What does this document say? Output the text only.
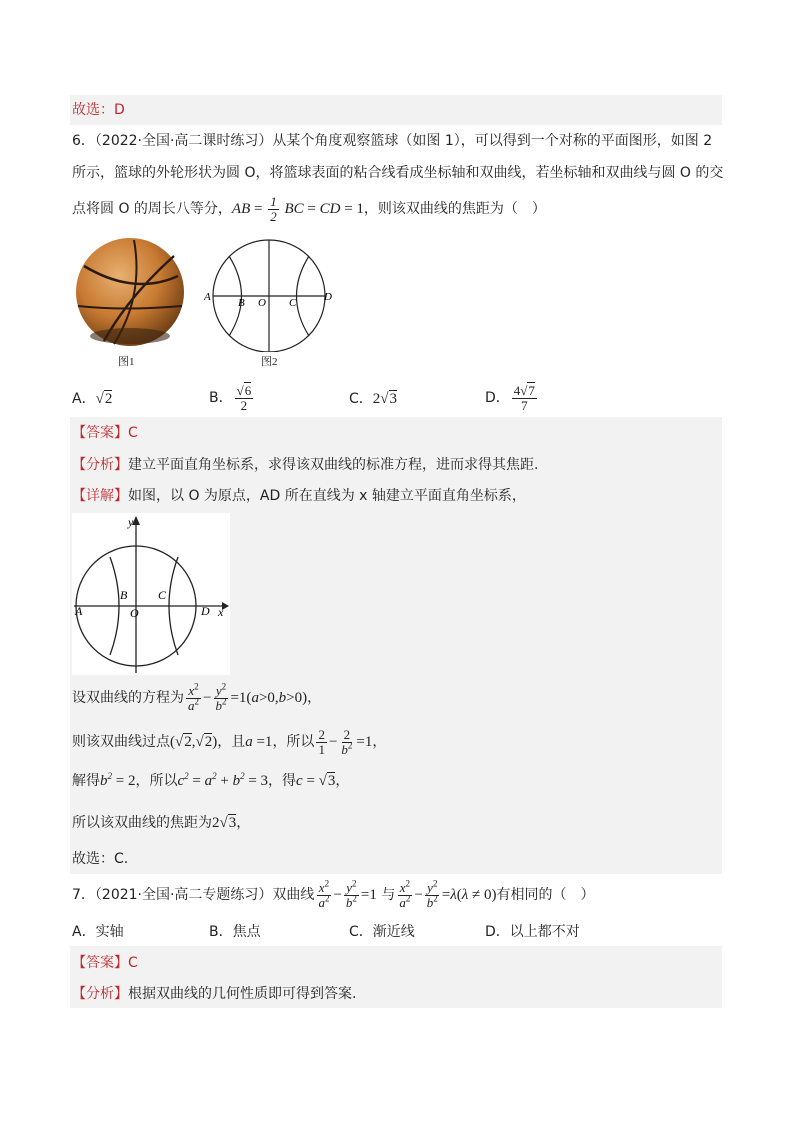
故选：D
6．（2022·全国·高二课时练习）从某个角度观察篮球（如图 1），可以得到一个对称的平面图形，如图 2
所示，篮球的外轮形状为圆 O，将篮球表面的粘合线看成坐标轴和双曲线，若坐标轴和双曲线与圆 O 的交
点将圆 O 的周长八等分，AB = $\frac{1}{2}$ BC = CD = 1，则该双曲线的焦距为（　）
图1
A B O C	D
图2
A．√2	B． $\frac{√6}{2}$	C．2√3	D． $\frac{4√7}{7}$
【答案】C
【分析】建立平面直角坐标系，求得该双曲线的标准方程，进而求得其焦距.
【详解】如图，以 O 为原点，AD 所在直线为 x 轴建立平面直角坐标系，
y
x
A
B
O
C
D
设双曲线的方程为 $\frac{x^2}{a^2} - \frac{y^2}{b^2} =1(a>0,b>0)$，
则该双曲线过点(√2,√2)，且a =1，所以 $\frac{2}{1} - \frac{2}{b^2} =1$，
解得$b^2 = 2$，所以$c^2 = a^2 + b^2 = 3$，得c = √3，
所以该双曲线的焦距为2√3，
故选：C.
7．（2021·全国·高二专题练习）双曲线 $\frac{x^2}{a^2} - \frac{y^2}{b^2} =1$ 与 $\frac{x^2}{a^2} - \frac{y^2}{b^2} =\lambda(\lambda \ne 0)$有相同的（　）
A．实轴	B．焦点	C．渐近线	D．以上都不对
【答案】C
【分析】根据双曲线的几何性质即可得到答案.
